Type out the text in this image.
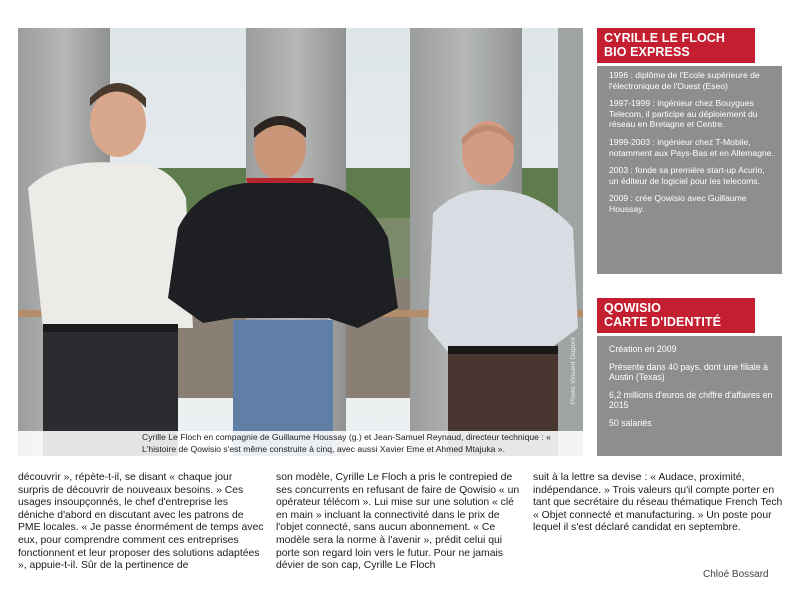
Photo Vincent Dupont
Cyrille Le Floch en compagnie de Guillaume Houssay (g.) et Jean-Samuel Reynaud, directeur technique : « L'histoire de Qowisio s'est même construite à cinq, avec aussi Xavier Eme et Ahmed Mtajuka ».
CYRILLE LE FLOCH
BIO EXPRESS

1996 : diplôme de l'Ecole supérieure de l'électronique de l'Ouest (Eseo)

1997-1999 : ingénieur chez Bouygues Telecom, il participe au déploiement du réseau en Bretagne et Centre.

1999-2003 : ingénieur chez T-Mobile, notamment aux Pays-Bas et en Allemagne.

2003 : fonde sa première start-up Acurio, un éditeur de logiciel pour les telecoms.

2009 : crée Qowisio avec Guillaume Houssay.

QOWISIO
CARTE D'IDENTITÉ

Création en 2009

Présente dans 40 pays, dont une filiale à Austin (Texas)

6,2 millions d'euros de chiffre d'affaires en 2015

50 salariés

découvrir », répète-t-il, se disant « chaque jour surpris de découvrir de nouveaux besoins. » Ces usages insoupçonnés, le chef d'entreprise les déniche d'abord en discutant avec les patrons de PME locales. « Je passe énormément de temps avec eux, pour comprendre comment ces entreprises fonctionnent et leur proposer des solutions adaptées », appuie-t-il. Sûr de la pertinence de

son modèle, Cyrille Le Floch a pris le contrepied de ses concurrents en refusant de faire de Qowisio « un opérateur télécom ». Lui mise sur une solution « clé en main » incluant la connectivité dans le prix de l'objet connecté, sans aucun abonnement. « Ce modèle sera la norme à l'avenir », prédit celui qui porte son regard loin vers le futur. Pour ne jamais dévier de son cap, Cyrille Le Floch

suit à la lettre sa devise : « Audace, proximité, indépendance. » Trois valeurs qu'il compte porter en tant que secrétaire du réseau thématique French Tech « Objet connecté et manufacturing. » Un poste pour lequel il s'est déclaré candidat en septembre.

Chloé Bossard
